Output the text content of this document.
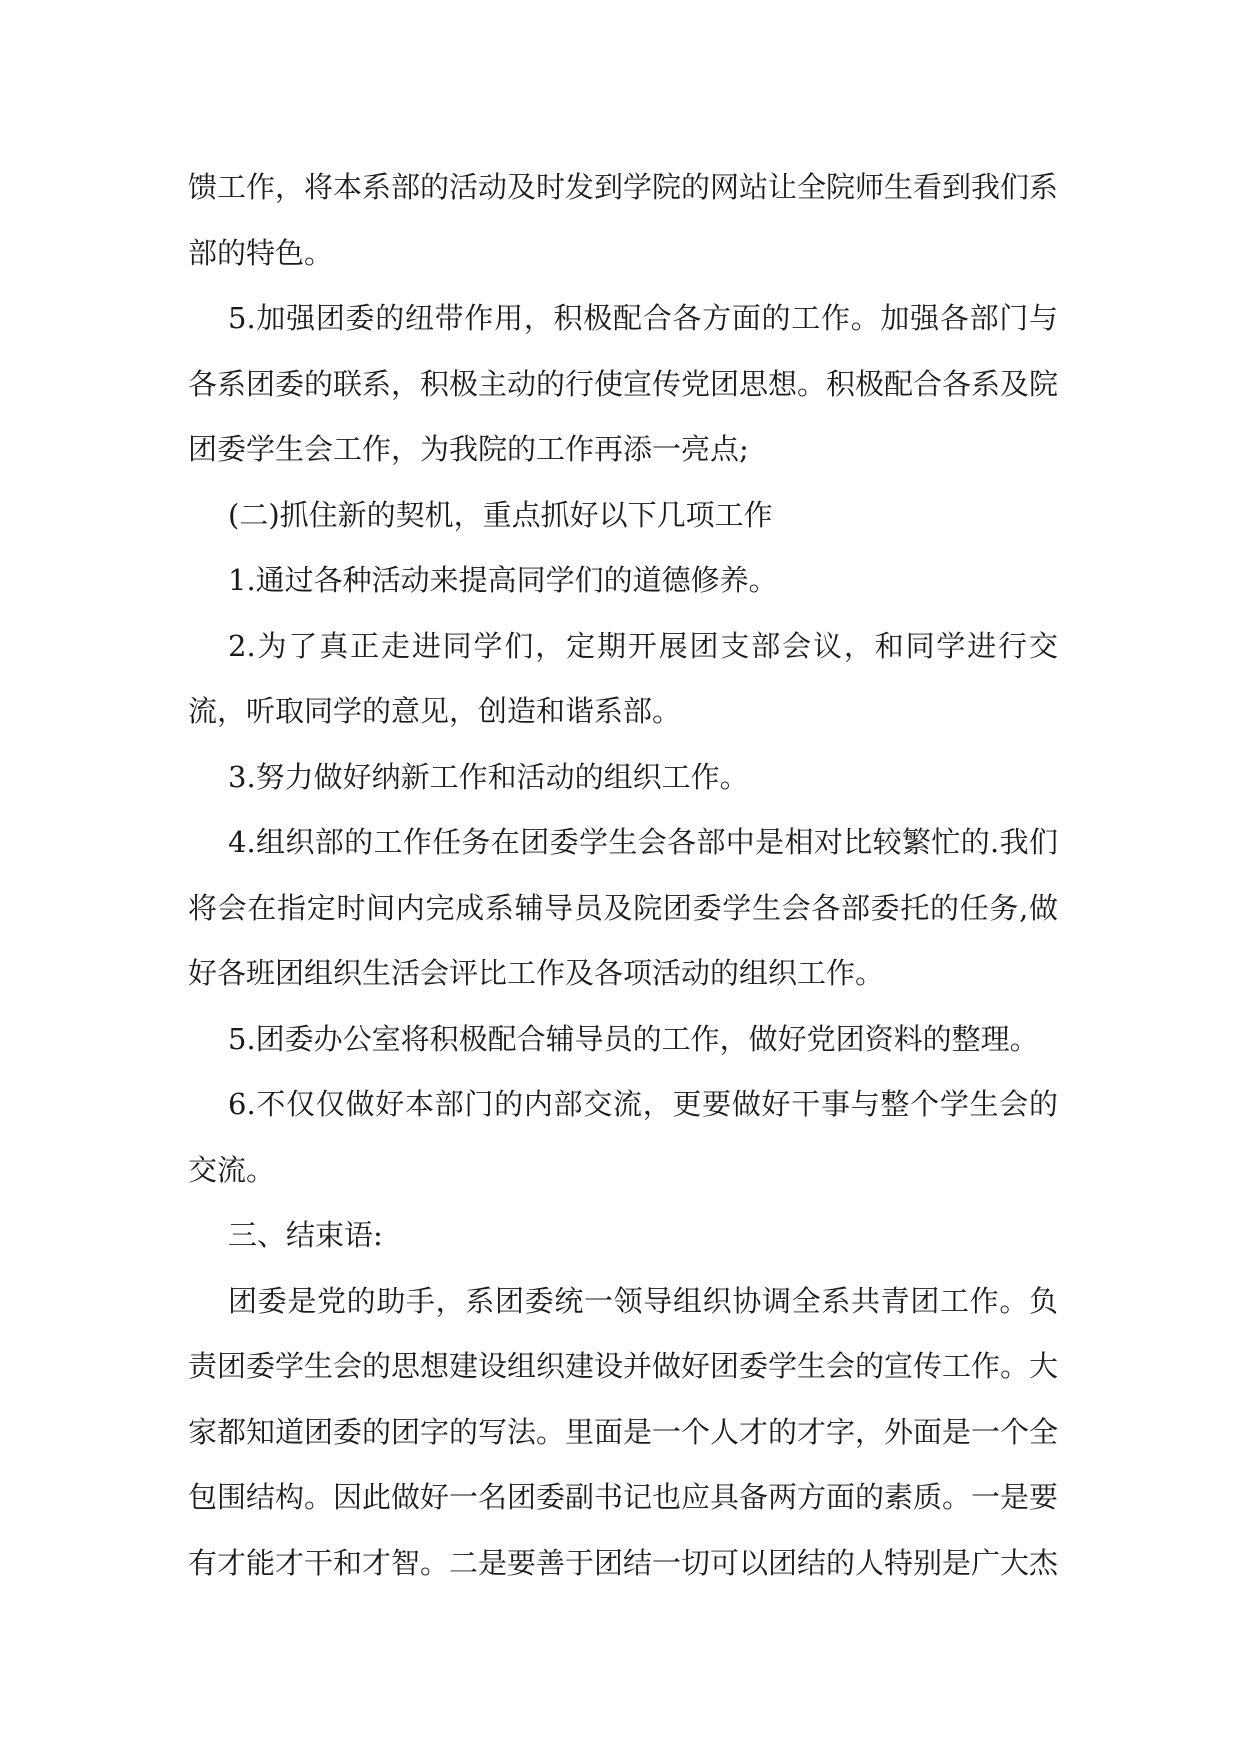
馈工作，将本系部的活动及时发到学院的网站让全院师生看到我们系部的特色。

5.加强团委的纽带作用，积极配合各方面的工作。加强各部门与各系团委的联系，积极主动的行使宣传党团思想。积极配合各系及院团委学生会工作，为我院的工作再添一亮点;

(二)抓住新的契机，重点抓好以下几项工作

1.通过各种活动来提高同学们的道德修养。

2.为了真正走进同学们，定期开展团支部会议，和同学进行交流，听取同学的意见，创造和谐系部。

3.努力做好纳新工作和活动的组织工作。

4.组织部的工作任务在团委学生会各部中是相对比较繁忙的.我们将会在指定时间内完成系辅导员及院团委学生会各部委托的任务,做好各班团组织生活会评比工作及各项活动的组织工作。

5.团委办公室将积极配合辅导员的工作，做好党团资料的整理。

6.不仅仅做好本部门的内部交流，更要做好干事与整个学生会的交流。

三、结束语:

团委是党的助手，系团委统一领导组织协调全系共青团工作。负责团委学生会的思想建设组织建设并做好团委学生会的宣传工作。大家都知道团委的团字的写法。里面是一个人才的才字，外面是一个全包围结构。因此做好一名团委副书记也应具备两方面的素质。一是要有才能才干和才智。二是要善于团结一切可以团结的人特别是广大杰
